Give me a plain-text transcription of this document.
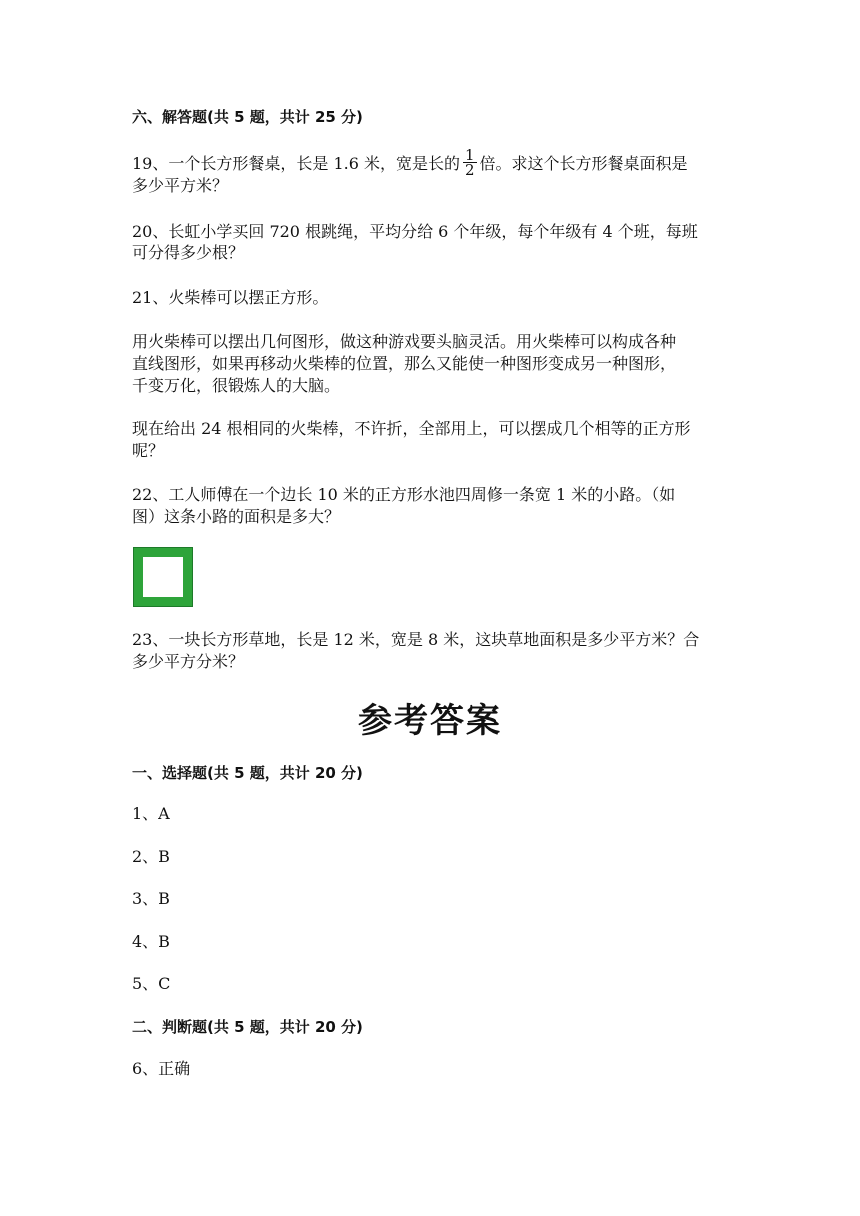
六、解答题(共 5 题，共计 25 分)
19、一个长方形餐桌，长是 1.6 米，宽是长的 $\frac{1}{2}$ 倍。求这个长方形餐桌面积是
多少平方米？
20、长虹小学买回 720 根跳绳，平均分给 6 个年级，每个年级有 4 个班，每班
可分得多少根？
21、火柴棒可以摆正方形。
用火柴棒可以摆出几何图形，做这种游戏要头脑灵活。用火柴棒可以构成各种
直线图形，如果再移动火柴棒的位置，那么又能使一种图形变成另一种图形，
千变万化，很锻炼人的大脑。
现在给出 24 根相同的火柴棒，不许折，全部用上，可以摆成几个相等的正方形
呢？
22、工人师傅在一个边长 10 米的正方形水池四周修一条宽 1 米的小路。（如
图）这条小路的面积是多大？
23、一块长方形草地，长是 12 米，宽是 8 米，这块草地面积是多少平方米？合
多少平方分米？
参考答案
一、选择题(共 5 题，共计 20 分)
1、A
2、B
3、B
4、B
5、C
二、判断题(共 5 题，共计 20 分)
6、正确
